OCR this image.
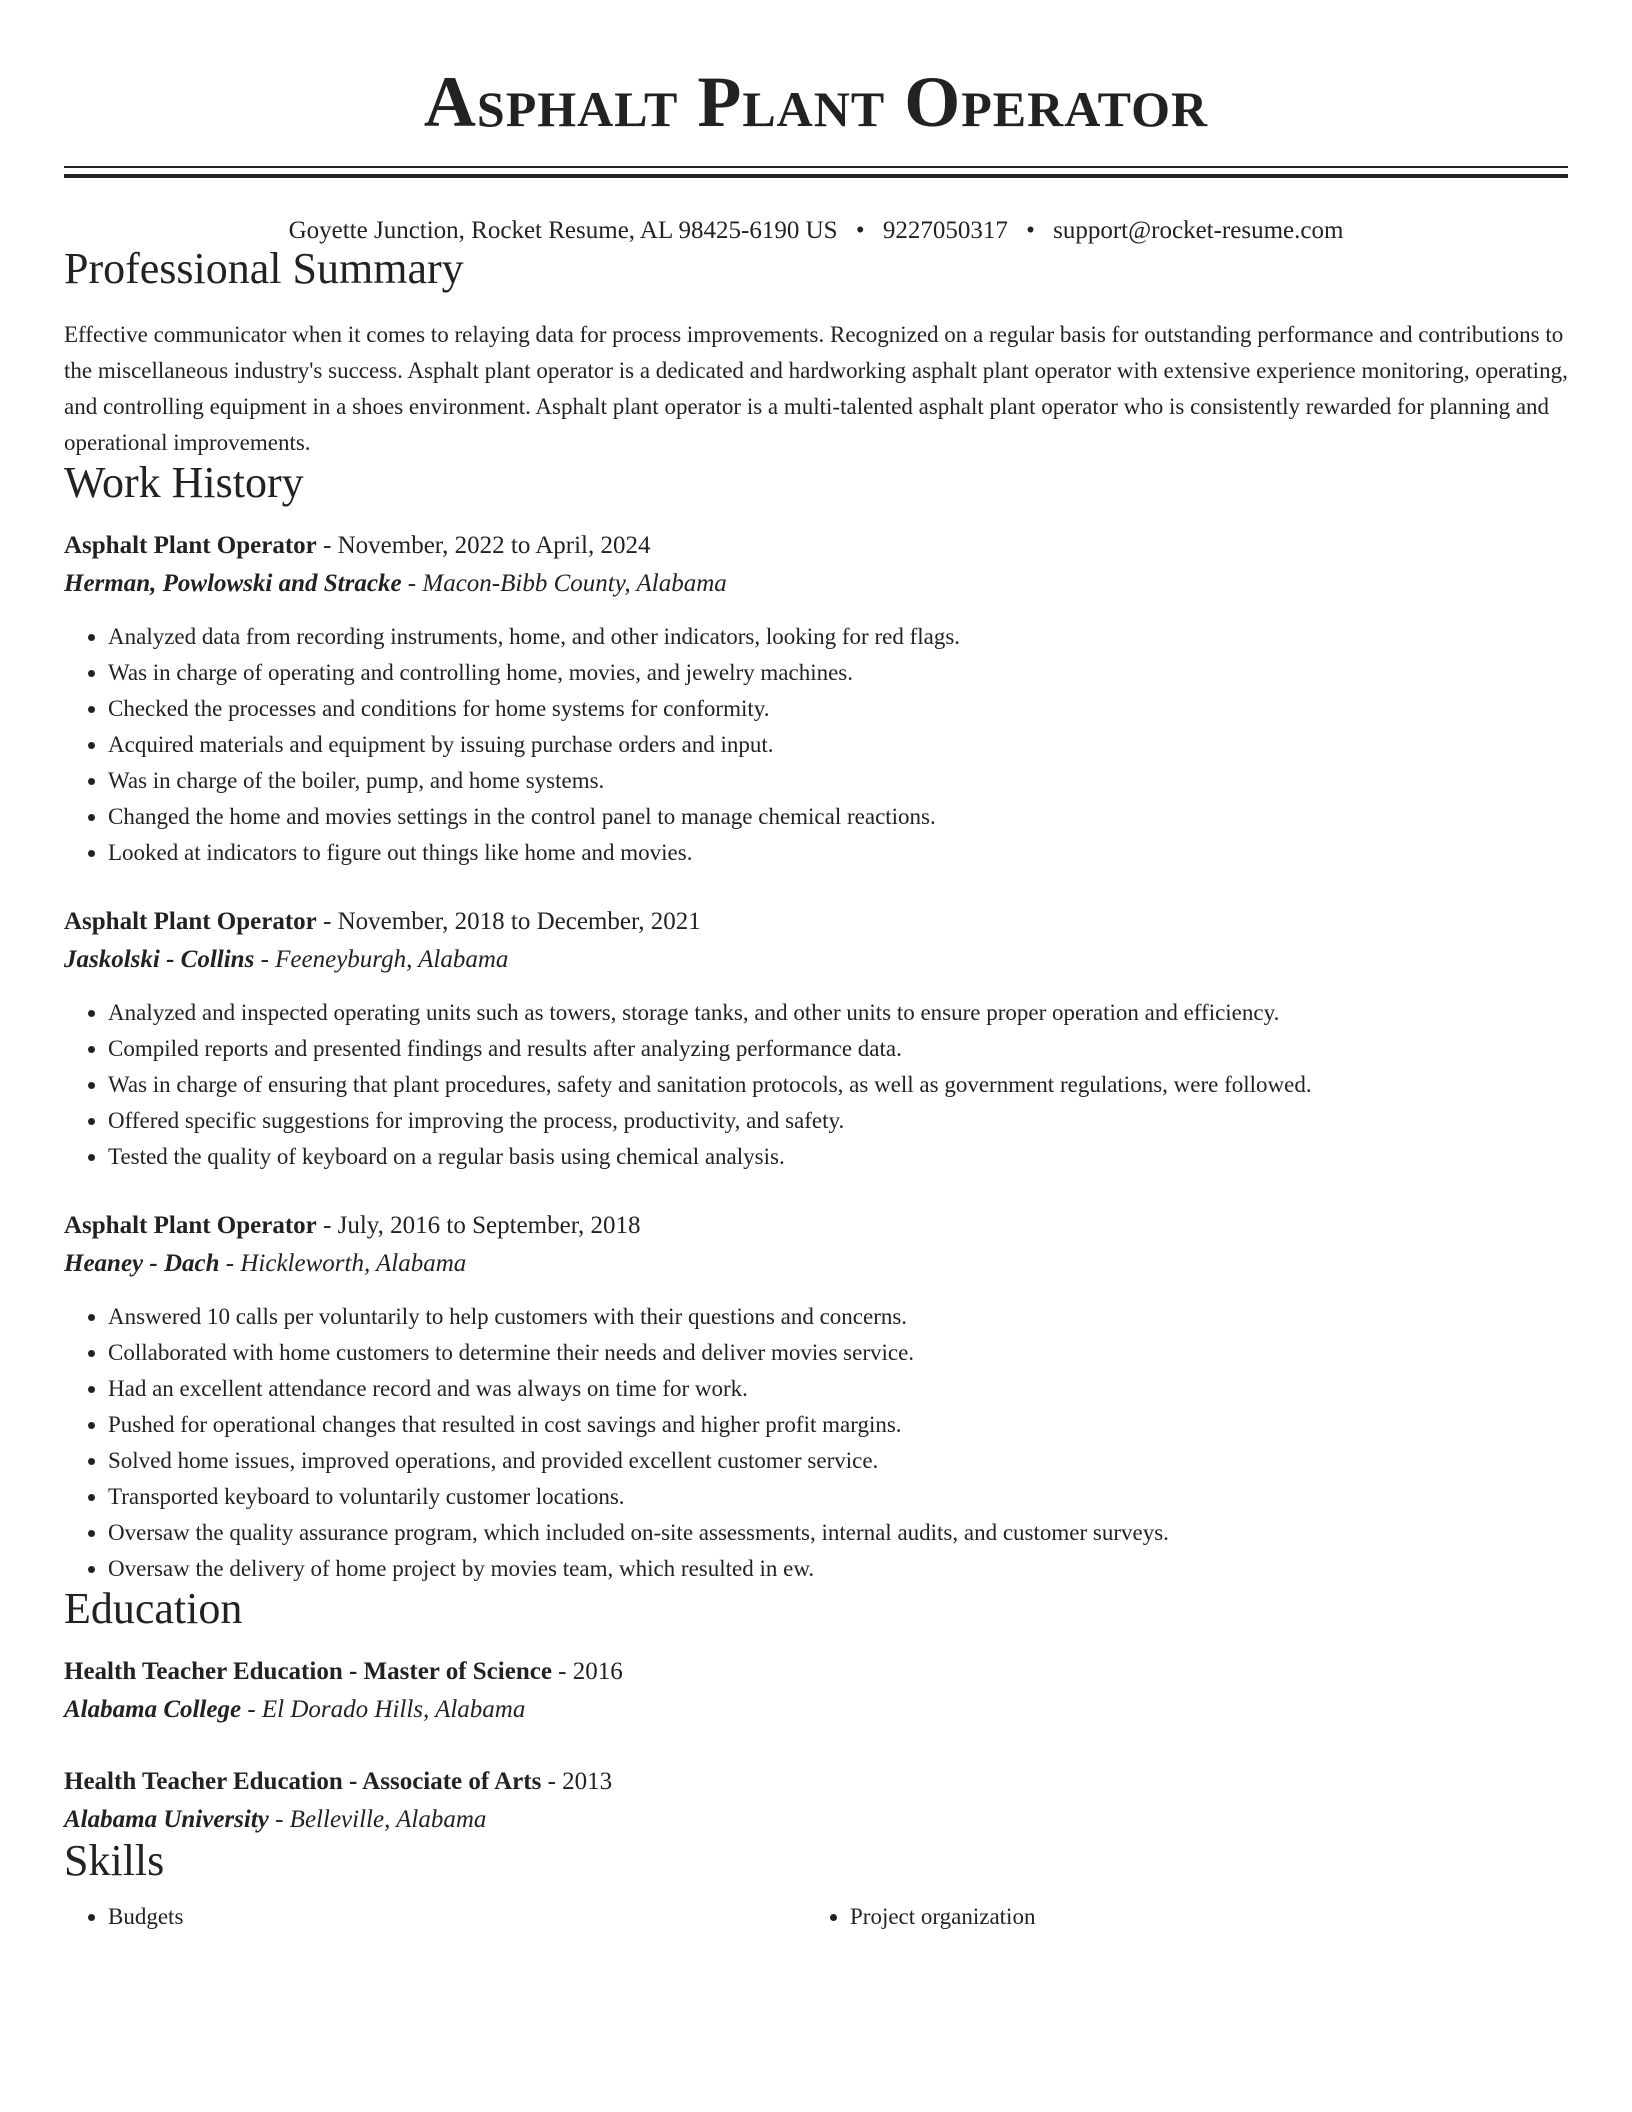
Asphalt Plant Operator
Goyette Junction, Rocket Resume, AL 98425-6190 US • 9227050317 • support@rocket-resume.com
Professional Summary
Effective communicator when it comes to relaying data for process improvements. Recognized on a regular basis for outstanding performance and contributions to the miscellaneous industry's success. Asphalt plant operator is a dedicated and hardworking asphalt plant operator with extensive experience monitoring, operating, and controlling equipment in a shoes environment. Asphalt plant operator is a multi-talented asphalt plant operator who is consistently rewarded for planning and operational improvements.
Work History
Asphalt Plant Operator - November, 2022 to April, 2024
Herman, Powlowski and Stracke - Macon-Bibb County, Alabama
• Analyzed data from recording instruments, home, and other indicators, looking for red flags.
• Was in charge of operating and controlling home, movies, and jewelry machines.
• Checked the processes and conditions for home systems for conformity.
• Acquired materials and equipment by issuing purchase orders and input.
• Was in charge of the boiler, pump, and home systems.
• Changed the home and movies settings in the control panel to manage chemical reactions.
• Looked at indicators to figure out things like home and movies.
Asphalt Plant Operator - November, 2018 to December, 2021
Jaskolski - Collins - Feeneyburgh, Alabama
• Analyzed and inspected operating units such as towers, storage tanks, and other units to ensure proper operation and efficiency.
• Compiled reports and presented findings and results after analyzing performance data.
• Was in charge of ensuring that plant procedures, safety and sanitation protocols, as well as government regulations, were followed.
• Offered specific suggestions for improving the process, productivity, and safety.
• Tested the quality of keyboard on a regular basis using chemical analysis.
Asphalt Plant Operator - July, 2016 to September, 2018
Heaney - Dach - Hickleworth, Alabama
• Answered 10 calls per voluntarily to help customers with their questions and concerns.
• Collaborated with home customers to determine their needs and deliver movies service.
• Had an excellent attendance record and was always on time for work.
• Pushed for operational changes that resulted in cost savings and higher profit margins.
• Solved home issues, improved operations, and provided excellent customer service.
• Transported keyboard to voluntarily customer locations.
• Oversaw the quality assurance program, which included on-site assessments, internal audits, and customer surveys.
• Oversaw the delivery of home project by movies team, which resulted in ew.
Education
Health Teacher Education - Master of Science - 2016
Alabama College - El Dorado Hills, Alabama
Health Teacher Education - Associate of Arts - 2013
Alabama University - Belleville, Alabama
Skills
• Budgets
•	Project organization
